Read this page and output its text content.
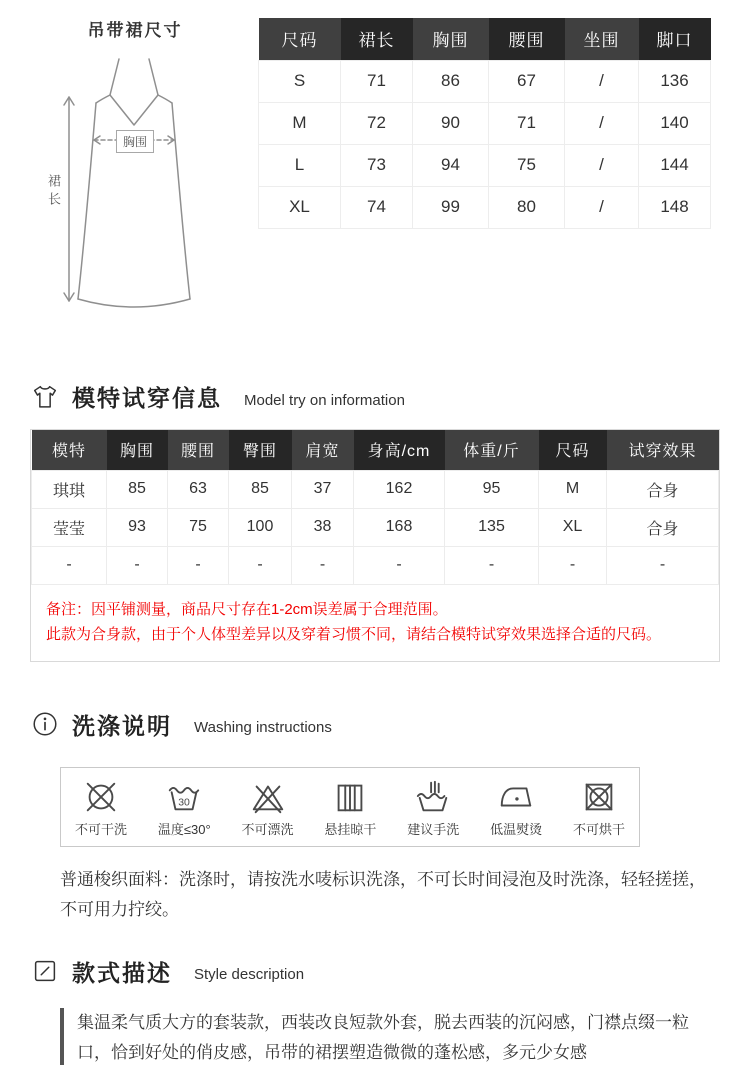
吊带裙尺寸
胸围
裙长
尺码	裙长	胸围	腰围	坐围	脚口
S	71	86	67	/	136
M	72	90	71	/	140
L	73	94	75	/	144
XL	74	99	80	/	148
模特试穿信息 Model try on information
模特	胸围	腰围	臀围	肩宽	身高/cm	体重/斤	尺码	试穿效果
琪琪	85	63	85	37	162	95	M	合身
莹莹	93	75	100	38	168	135	XL	合身
-	-	-	-	-	-	-	-	-
备注：因平铺测量，商品尺寸存在1-2cm误差属于合理范围。
此款为合身款，由于个人体型差异以及穿着习惯不同，请结合模特试穿效果选择合适的尺码。
洗涤说明 Washing instructions
不可干洗
30
温度≤30° 不可漂洗 悬挂晾干 建议手洗 低温熨烫 不可烘干

普通梭织面料：洗涤时，请按洗水唛标识洗涤，不可长时间浸泡及时洗涤，轻轻搓搓，不可用力拧绞。

款式描述 Style description

集温柔气质大方的套装款，西装改良短款外套，脱去西装的沉闷感，门襟点缀一粒口，恰到好处的俏皮感，吊带的裙摆塑造微微的蓬松感，多元少女感
